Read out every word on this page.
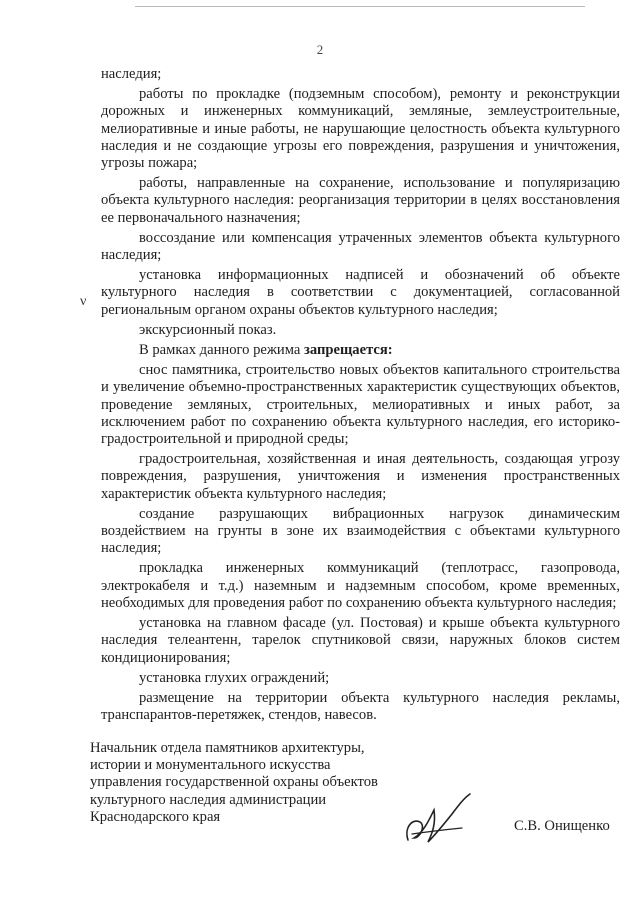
2
ν

наследия;

работы по прокладке (подземным способом), ремонту и реконструкции дорожных и инженерных коммуникаций, земляные, землеустроительные, мелиоративные и иные работы, не нарушающие целостность объекта культурного наследия и не создающие угрозы его повреждения, разрушения и уничтожения, угрозы пожара;

работы, направленные на сохранение, использование и популяризацию объекта культурного наследия: реорганизация территории в целях восстановления ее первоначального назначения;

воссоздание или компенсация утраченных элементов объекта культурного наследия;

установка информационных надписей и обозначений об объекте культурного наследия в соответствии с документацией, согласованной региональным органом охраны объектов культурного наследия;

экскурсионный показ.

В рамках данного режима запрещается:

снос памятника, строительство новых объектов капитального строительства и увеличение объемно-пространственных характеристик существующих объектов, проведение земляных, строительных, мелиоративных и иных работ, за исключением работ по сохранению объекта культурного наследия, его историко-градостроительной и природной среды;

градостроительная, хозяйственная и иная деятельность, создающая угрозу повреждения, разрушения, уничтожения и изменения пространственных характеристик объекта культурного наследия;

создание разрушающих вибрационных нагрузок динамическим воздействием на грунты в зоне их взаимодействия с объектами культурного наследия;

прокладка инженерных коммуникаций (теплотрасс, газопровода, электрокабеля и т.д.) наземным и надземным способом, кроме временных, необходимых для проведения работ по сохранению объекта культурного наследия;

установка на главном фасаде (ул. Постовая) и крыше объекта культурного наследия телеантенн, тарелок спутниковой связи, наружных блоков систем кондиционирования;

установка глухих ограждений;

размещение на территории объекта культурного наследия рекламы, транспарантов-перетяжек, стендов, навесов.

Начальник отдела памятников архитектуры,
истории и монументального искусства
управления государственной охраны объектов
культурного наследия администрации
Краснодарского края
С.В. Онищенко
